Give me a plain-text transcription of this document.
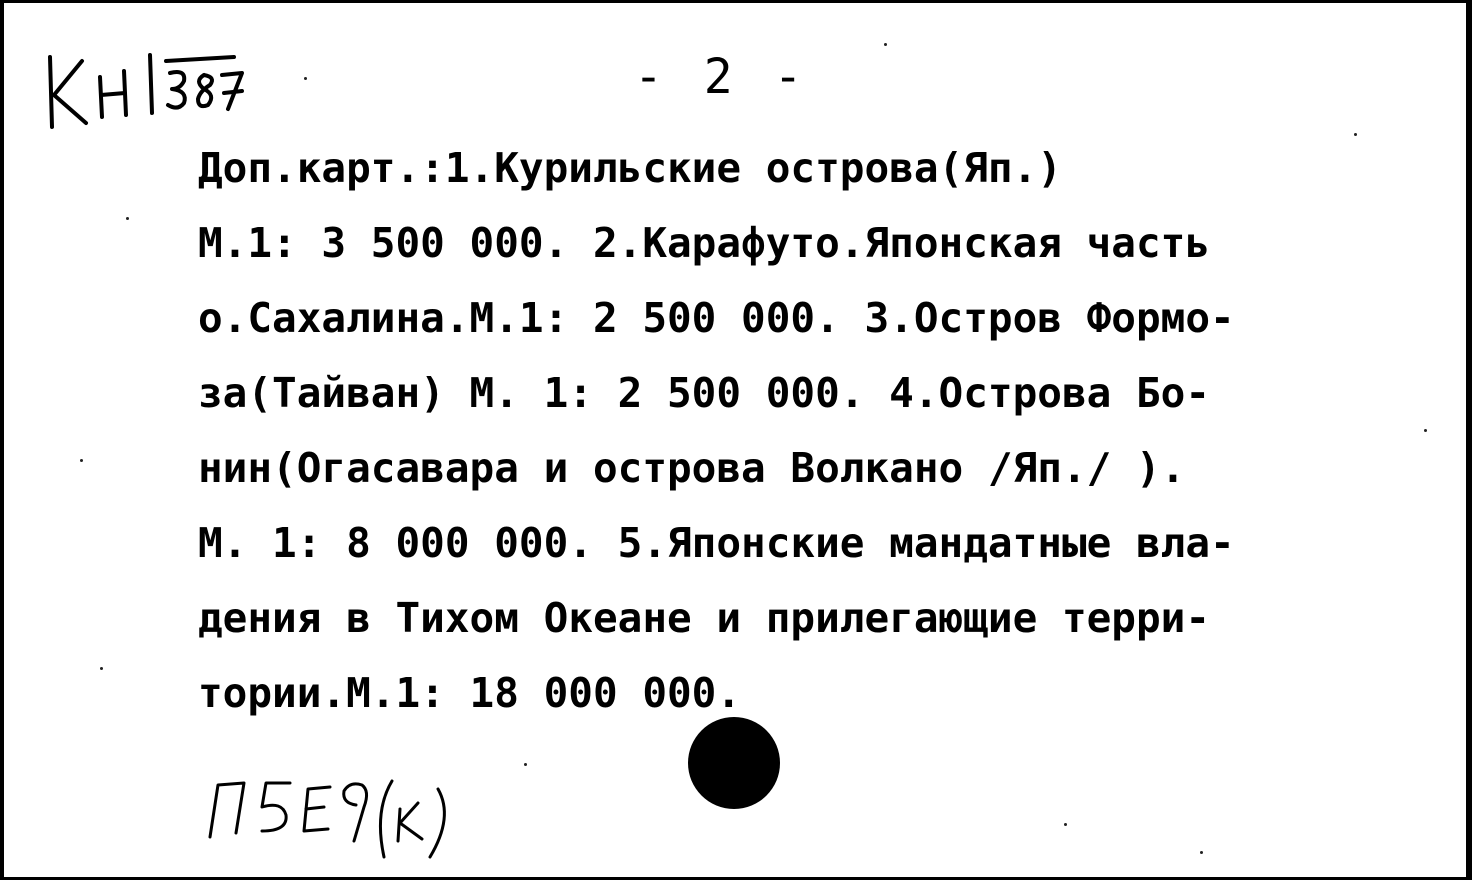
- 2 -
Доп.карт.:1.Курильские острова(Яп.)
М.1: 3 500 000. 2.Карафуто.Японская часть
о.Сахалина.М.1: 2 500 000. 3.Остров Формо-
за(Тайван) М. 1: 2 500 000. 4.Острова Бо-
нин(Огасавара и острова Волкано /Яп./ ).
М. 1: 8 000 000. 5.Японские мандатные вла-
дения в Тихом Океане и прилегающие терри-
тории.М.1: 18 000 000.
